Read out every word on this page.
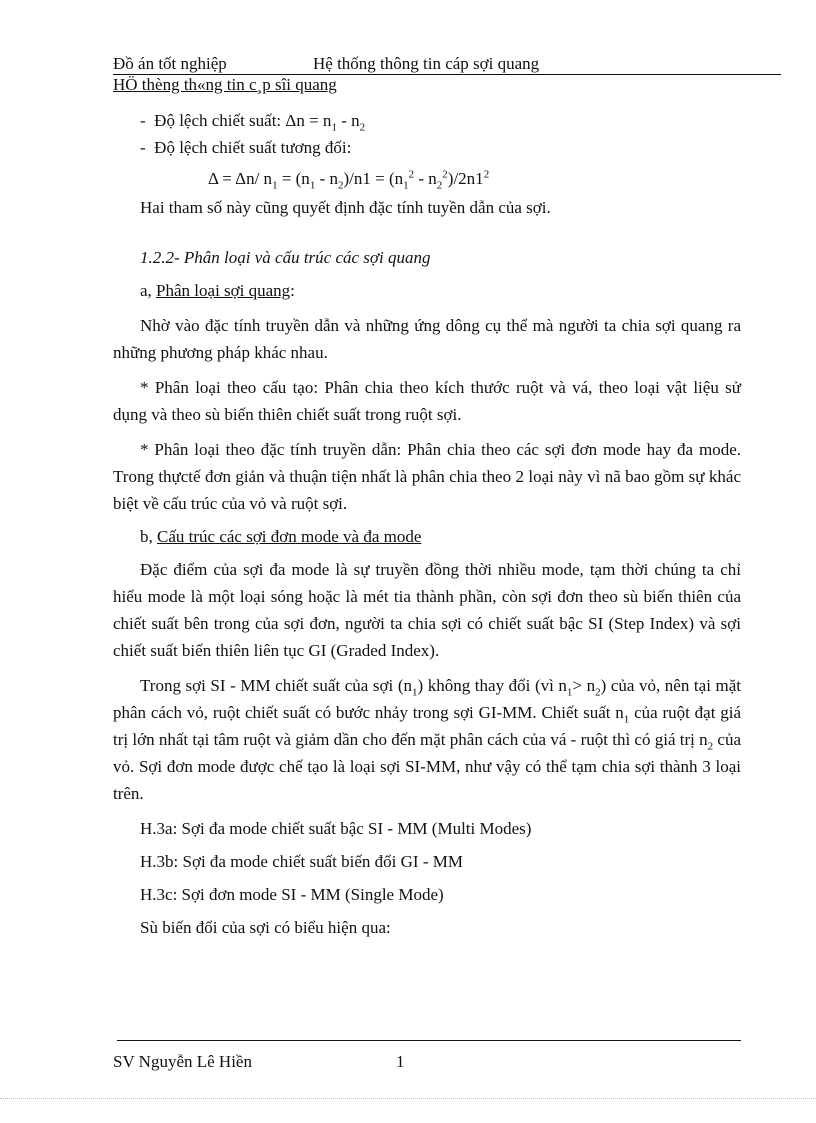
Đồ án tốt nghiệp	Hệ thống thông tin cáp sợi quang
HÖ thèng th«ng tin c¸p sîi quang
-  Độ lệch chiết suất: $\Delta n = n_1 - n_2$
-  Độ lệch chiết suất tương đối:
Δ = Δn/ $n_1 = (n_1 - n_2)/n1 = (n_1^2 - n_2^2)/2n1^2$

Hai tham số này cũng quyết định đặc tính tuyền dẫn của sợi.

1.2.2- Phân loại và cấu trúc các sợi quang
a, Phân loại sợi quang:

Nhờ vào đặc tính truyền dẫn và những ứng dông cụ thể mà người ta chia sợi quang ra những phương pháp khác nhau.

* Phân loại theo cấu tạo: Phân chia theo kích thước ruột và vá, theo loại vật liệu sử dụng và theo sù biến thiên chiết suất trong ruột sợi.

* Phân loại theo đặc tính truyền dẫn: Phân chia theo các sợi đơn mode hay đa mode. Trong thựctế đơn giản và thuận tiện nhất là phân chia theo 2 loại này vì nã bao gồm sự khác biệt về cấu trúc của vỏ và ruột sợi.

b, Cấu trúc các sợi đơn mode và đa mode

Đặc điểm của sợi đa mode là sự truyền đồng thời nhiều mode, tạm thời chúng ta chỉ hiểu mode là một loại sóng hoặc là mét tia thành phần, còn sợi đơn theo sù biến thiên của chiết suất bên trong của sợi đơn, người ta chia sợi có chiết suất bậc SI (Step Index) và sợi chiết suất biến thiên liên tục GI (Graded Index).

Trong sợi SI - MM chiết suất của sợi $(n_1)$ không thay đổi (vì $n_1> n_2$) của vỏ, nên tại mặt phân cách vỏ, ruột chiết suất có bước nhảy trong sợi GI-MM. Chiết suất $n_1$ của ruột đạt giá trị lớn nhất tại tâm ruột và giảm dần cho đến mặt phân cách của vá - ruột thì có giá trị $n_2$ của vỏ. Sợi đơn mode được chế tạo là loại sợi SI-MM, như vậy có thể tạm chia sợi thành 3 loại trên.

H.3a: Sợi đa mode chiết suất bậc SI - MM (Multi Modes)
H.3b: Sợi đa mode chiết suất biến đổi GI - MM
H.3c: Sợi đơn mode SI - MM (Single Mode)
Sù biến đổi của sợi có biểu hiện qua:
SV Nguyễn Lê Hiền	1
